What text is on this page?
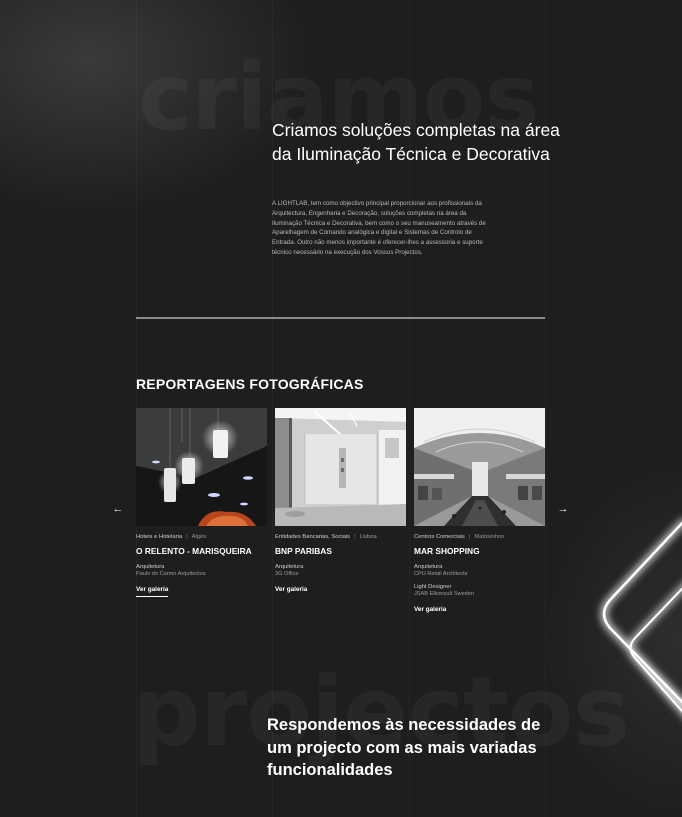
Criamos soluções completas na área da Iluminação Técnica e Decorativa

A LIGHTLAB, tem como objectivo principal proporcionar aos profissionais da Arquitectura, Engenharia e Decoração, soluções completas na área da Iluminação Técnica e Decorativa, bem como o seu manuseamento através de Aparelhagem de Comando analógica e digital e Sistemas de Controlo de Entrada. Outro não menos importante é oferecer-lhes a assessoria e suporte técnico necessário na execução dos Vossos Projectos.

REPORTAGENS FOTOGRÁFICAS
←	→
Hoteis e Hotelaria | Algés
O RELENTO - MARISQUEIRA
Arquitetura
Paulo do Carmo Arquitectos
Ver galeria
Entidades Bancarias, Sociais | Lisboa
BNP PARIBAS
Arquitetura
3G Office
Ver galeria
Centros Comerciais | Matosinhos
MAR SHOPPING
Arquitetura
CPU Retail Architects
Light Designer
JSAB Elkonsult Sweden
Ver galeria
Respondemos às necessidades de um projecto com as mais variadas funcionalidades
